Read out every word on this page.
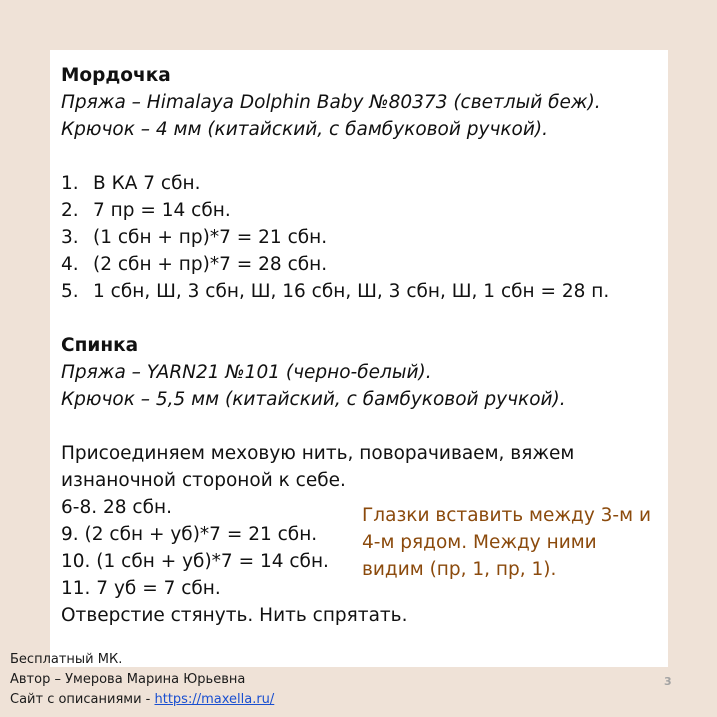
Мордочка
Пряжа – Himalaya Dolphin Baby №80373 (светлый беж).
Крючок – 4 мм (китайский, с бамбуковой ручкой).
1. В КА 7 сбн.
2. 7 пр = 14 сбн.
3. (1 сбн + пр)*7 = 21 сбн.
4. (2 сбн + пр)*7 = 28 сбн.
5. 1 сбн, Ш, 3 сбн, Ш, 16 сбн, Ш, 3 сбн, Ш, 1 сбн = 28 п.
Спинка
Пряжа – YARN21 №101 (черно-белый).
Крючок – 5,5 мм (китайский, с бамбуковой ручкой).
Присоединяем меховую нить, поворачиваем, вяжем
изнаночной стороной к себе.
6-8. 28 сбн.
9. (2 сбн + уб)*7 = 21 сбн.
10. (1 сбн + уб)*7 = 14 сбн.
11. 7 уб = 7 сбн.
Отверстие стянуть. Нить спрятать.
Глазки вставить между 3-м и
4-м рядом. Между ними
видим (пр, 1, пр, 1).
Бесплатный МК.
Автор – Умерова Марина Юрьевна
Сайт с описаниями - https://maxella.ru/
3
